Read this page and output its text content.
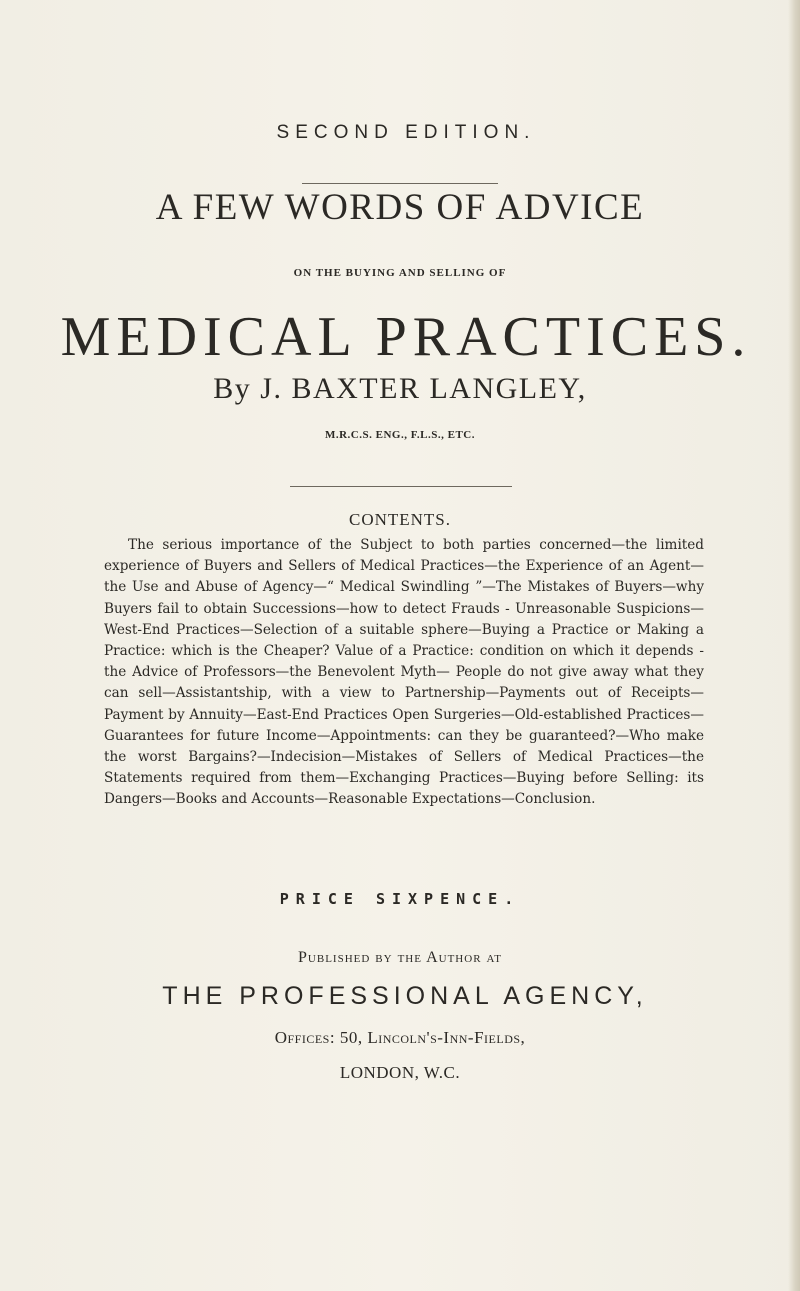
SECOND EDITION.
A FEW WORDS OF ADVICE
ON THE BUYING AND SELLING OF
MEDICAL PRACTICES.
By J. BAXTER LANGLEY,
M.R.C.S. ENG., F.L.S., ETC.
CONTENTS.

The serious importance of the Subject to both parties concerned—the limited experience of Buyers and Sellers of Medical Practices—the Experience of an Agent—the Use and Abuse of Agency—“ Medical Swindling ”—The Mistakes of Buyers—why Buyers fail to obtain Successions—how to detect Frauds - Unreasonable Suspicions—West-End Practices—Selection of a suitable sphere—Buying a Practice or Making a Practice: which is the Cheaper? Value of a Practice: condition on which it depends - the Advice of Professors—the Benevolent Myth— People do not give away what they can sell—Assistantship, with a view to Partnership—Payments out of Receipts—Payment by Annuity—East-End Practices Open Surgeries—Old-established Practices—Guarantees for future Income—Appointments: can they be guaranteed?—Who make the worst Bargains?—Indecision—Mistakes of Sellers of Medical Practices—the Statements required from them—Exchanging Practices—Buying before Selling: its Dangers—Books and Accounts—Reasonable Expectations—Conclusion.

PRICE SIXPENCE.
Published by the Author at
THE PROFESSIONAL AGENCY,
Offices: 50, Lincoln's-Inn-Fields,
LONDON, W.C.
